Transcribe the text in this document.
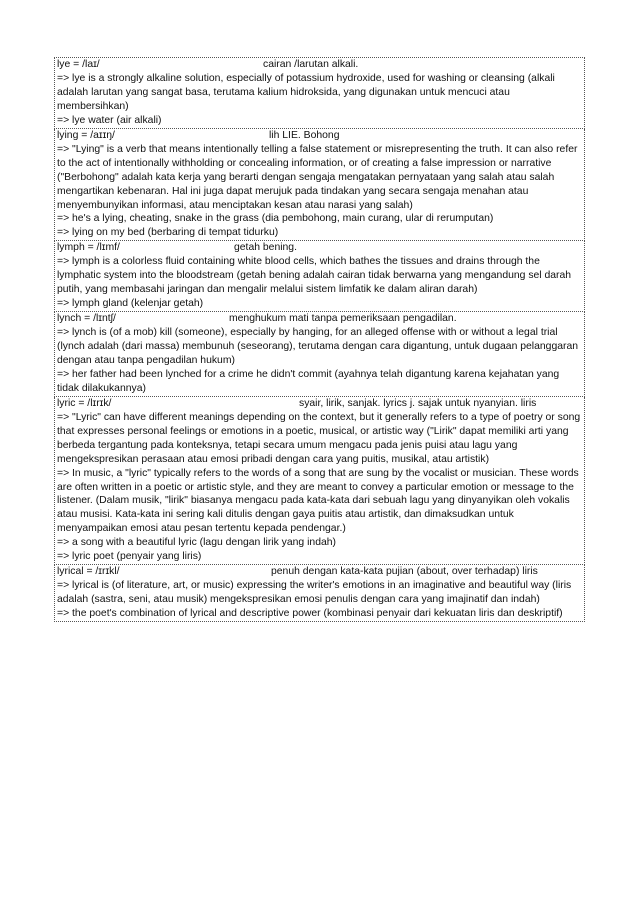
lye = /laɪ/	cairan /larutan alkali.
=> lye is a strongly alkaline solution, especially of potassium hydroxide, used for washing or cleansing (alkali adalah larutan yang sangat basa, terutama kalium hidroksida, yang digunakan untuk mencuci atau membersihkan)
=> lye water (air alkali)
lying = /aɪɪŋ/	lih LIE. Bohong
=> "Lying" is a verb that means intentionally telling a false statement or misrepresenting the truth. It can also refer to the act of intentionally withholding or concealing information, or of creating a false impression or narrative ("Berbohong" adalah kata kerja yang berarti dengan sengaja mengatakan pernyataan yang salah atau salah mengartikan kebenaran. Hal ini juga dapat merujuk pada tindakan yang secara sengaja menahan atau menyembunyikan informasi, atau menciptakan kesan atau narasi yang salah)
=> he's a lying, cheating, snake in the grass (dia pembohong, main curang, ular di rerumputan)
=> lying on my bed (berbaring di tempat tidurku)
lymph = /lɪmf/	getah bening.
=> lymph is a colorless fluid containing white blood cells, which bathes the tissues and drains through the lymphatic system into the bloodstream (getah bening adalah cairan tidak berwarna yang mengandung sel darah putih, yang membasahi jaringan dan mengalir melalui sistem limfatik ke dalam aliran darah)
=> lymph gland (kelenjar getah)
lynch = /lɪntʃ/	menghukum mati tanpa pemeriksaan pengadilan.
=> lynch is (of a mob) kill (someone), especially by hanging, for an alleged offense with or without a legal trial (lynch adalah (dari massa) membunuh (seseorang), terutama dengan cara digantung, untuk dugaan pelanggaran dengan atau tanpa pengadilan hukum)
=> her father had been lynched for a crime he didn't commit (ayahnya telah digantung karena kejahatan yang tidak dilakukannya)
lyric = /lɪrɪk/	syair, lirik, sanjak. lyrics j. sajak untuk nyanyian. liris
=> "Lyric" can have different meanings depending on the context, but it generally refers to a type of poetry or song that expresses personal feelings or emotions in a poetic, musical, or artistic way ("Lirik" dapat memiliki arti yang berbeda tergantung pada konteksnya, tetapi secara umum mengacu pada jenis puisi atau lagu yang mengekspresikan perasaan atau emosi pribadi dengan cara yang puitis, musikal, atau artistik)
=> In music, a "lyric" typically refers to the words of a song that are sung by the vocalist or musician. These words are often written in a poetic or artistic style, and they are meant to convey a particular emotion or message to the listener. (Dalam musik, "lirik" biasanya mengacu pada kata-kata dari sebuah lagu yang dinyanyikan oleh vokalis atau musisi. Kata-kata ini sering kali ditulis dengan gaya puitis atau artistik, dan dimaksudkan untuk menyampaikan emosi atau pesan tertentu kepada pendengar.)
=> a song with a beautiful lyric (lagu dengan lirik yang indah)
=> lyric poet (penyair yang liris)
lyrical = /ɪrɪkl/	penuh dengan kata-kata pujian (about, over terhadap) liris
=> lyrical is (of literature, art, or music) expressing the writer's emotions in an imaginative and beautiful way (liris adalah (sastra, seni, atau musik) mengekspresikan emosi penulis dengan cara yang imajinatif dan indah)
=> the poet's combination of lyrical and descriptive power (kombinasi penyair dari kekuatan liris dan deskriptif)
